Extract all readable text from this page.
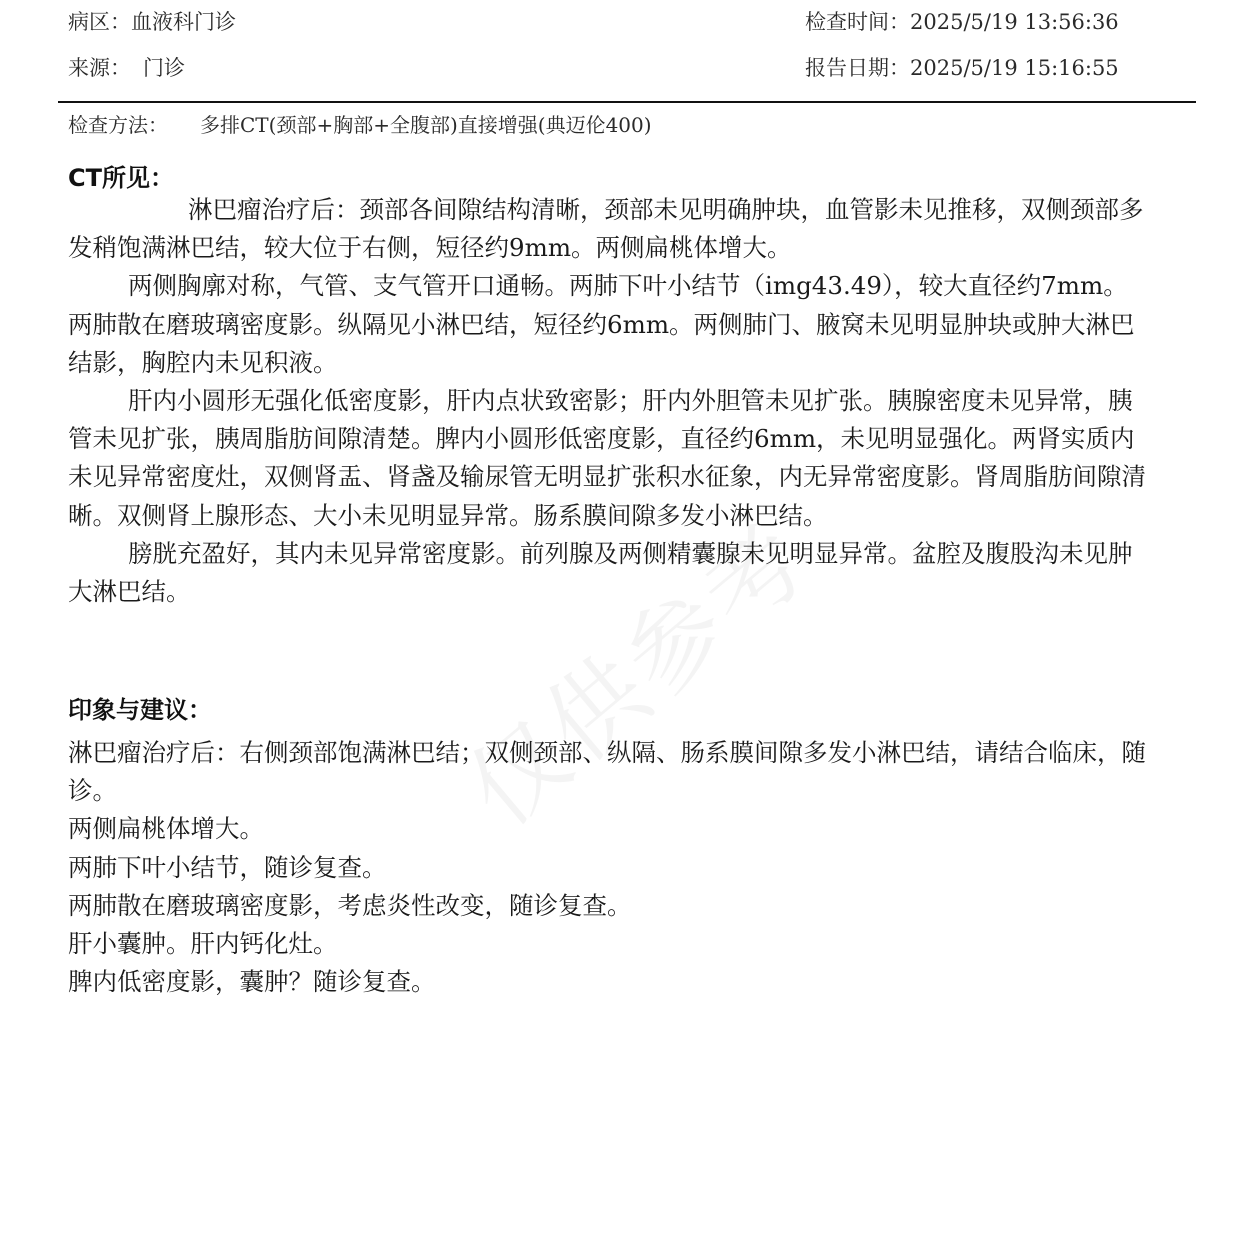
病区：血液科门诊	检查时间：2025/5/19 13:56:36
来源： 门诊	报告日期：2025/5/19 15:16:55
检查方法：	多排CT(颈部+胸部+全腹部)直接增强(典迈伦400)
CT所见：

淋巴瘤治疗后：颈部各间隙结构清晰，颈部未见明确肿块，血管影未见推移，双侧颈部多发稍饱满淋巴结，较大位于右侧，短径约9mm。两侧扁桃体增大。

两侧胸廓对称，气管、支气管开口通畅。两肺下叶小结节（img43.49），较大直径约7mm。两肺散在磨玻璃密度影。纵隔见小淋巴结，短径约6mm。两侧肺门、腋窝未见明显肿块或肿大淋巴结影，胸腔内未见积液。

肝内小圆形无强化低密度影，肝内点状致密影；肝内外胆管未见扩张。胰腺密度未见异常，胰管未见扩张，胰周脂肪间隙清楚。脾内小圆形低密度影，直径约6mm，未见明显强化。两肾实质内未见异常密度灶，双侧肾盂、肾盏及输尿管无明显扩张积水征象，内无异常密度影。肾周脂肪间隙清晰。双侧肾上腺形态、大小未见明显异常。肠系膜间隙多发小淋巴结。

膀胱充盈好，其内未见异常密度影。前列腺及两侧精囊腺未见明显异常。盆腔及腹股沟未见肿大淋巴结。

印象与建议：

淋巴瘤治疗后：右侧颈部饱满淋巴结；双侧颈部、纵隔、肠系膜间隙多发小淋巴结，请结合临床，随诊。

两侧扁桃体增大。

两肺下叶小结节，随诊复查。

两肺散在磨玻璃密度影，考虑炎性改变，随诊复查。

肝小囊肿。肝内钙化灶。

脾内低密度影，囊肿？随诊复查。
